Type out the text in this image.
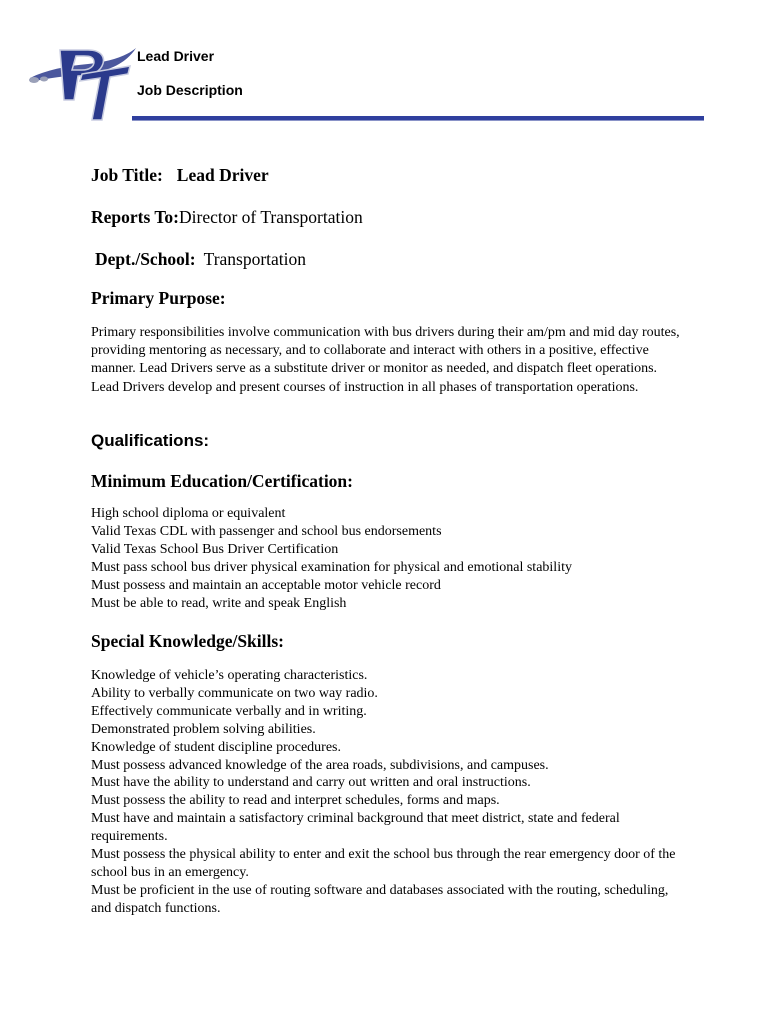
Lead Driver
Job Description
Job Title: Lead Driver
Reports To:Director of Transportation
Dept./School: Transportation
Primary Purpose:

Primary responsibilities involve communication with bus drivers during their am/pm and mid day routes, providing mentoring as necessary, and to collaborate and interact with others in a positive, effective manner. Lead Drivers serve as a substitute driver or monitor as needed, and dispatch fleet operations. Lead Drivers develop and present courses of instruction in all phases of transportation operations.

Qualifications:
Minimum Education/Certification:
High school diploma or equivalent
Valid Texas CDL with passenger and school bus endorsements
Valid Texas School Bus Driver Certification
Must pass school bus driver physical examination for physical and emotional stability
Must possess and maintain an acceptable motor vehicle record
Must be able to read, write and speak English
Special Knowledge/Skills:
Knowledge of vehicle’s operating characteristics.
Ability to verbally communicate on two way radio.
Effectively communicate verbally and in writing.
Demonstrated problem solving abilities.
Knowledge of student discipline procedures.
Must possess advanced knowledge of the area roads, subdivisions, and campuses.
Must have the ability to understand and carry out written and oral instructions.
Must possess the ability to read and interpret schedules, forms and maps.
Must have and maintain a satisfactory criminal background that meet district, state and federal requirements.
Must possess the physical ability to enter and exit the school bus through the rear emergency door of the school bus in an emergency.
Must be proficient in the use of routing software and databases associated with the routing, scheduling, and dispatch functions.
